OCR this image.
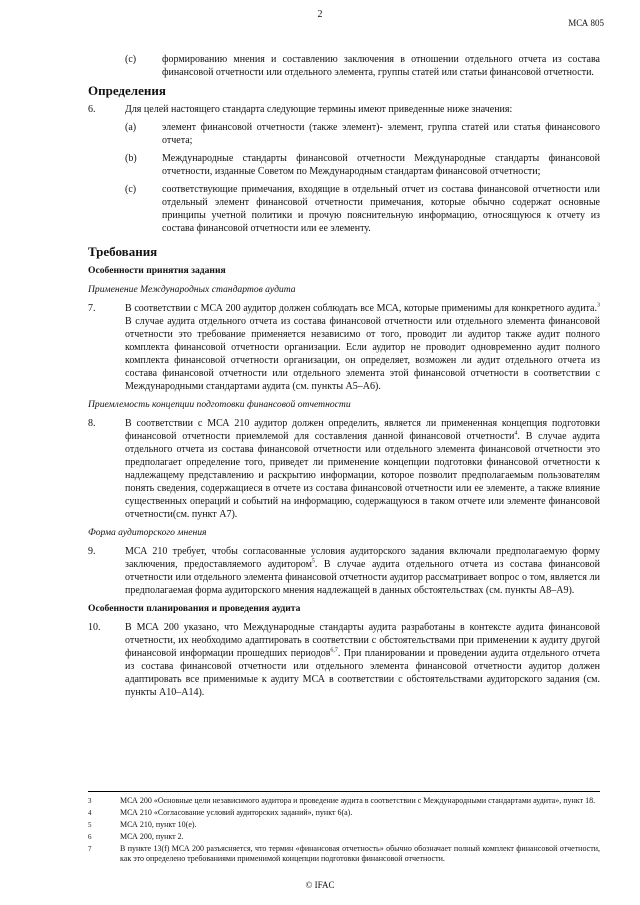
2
МСА 805
(c)	формированию мнения и составлению заключения в отношении отдельного отчета из состава финансовой отчетности или отдельного элемента, группы статей или статьи финансовой отчетности.
Определения
6.	Для целей настоящего стандарта следующие термины имеют приведенные ниже значения:
(a)	элемент финансовой отчетности (также элемент)- элемент, группа статей или статья финансового отчета;
(b)	Международные стандарты финансовой отчетности Международные стандарты финансовой отчетности, изданные Советом по Международным стандартам финансовой отчетности;
(c)	соответствующие примечания, входящие в отдельный отчет из состава финансовой отчетности или отдельный элемент финансовой отчетности примечания, которые обычно содержат основные принципы учетной политики и прочую пояснительную информацию, относящуюся к отчету из состава финансовой отчетности или ее элементу.
Требования
Особенности принятия задания
Применение Международных стандартов аудита
7.	В соответствии с МСА 200 аудитор должен соблюдать все МСА, которые применимы для конкретного аудита.$^3$ В случае аудита отдельного отчета из состава финансовой отчетности или отдельного элемента финансовой отчетности это требование применяется независимо от того, проводит ли аудитор также аудит полного комплекта финансовой отчетности организации. Если аудитор не проводит одновременно аудит полного комплекта финансовой отчетности организации, он определяет, возможен ли аудит отдельного отчета из состава финансовой отчетности или отдельного элемента этой финансовой отчетности в соответствии с Международными стандартами аудита (см. пункты А5–А6).
Приемлемость концепции подготовки финансовой отчетности
8.	В соответствии с МСА 210 аудитор должен определить, является ли примененная концепция подготовки финансовой отчетности приемлемой для составления данной финансовой отчетности$^4$. В случае аудита отдельного отчета из состава финансовой отчетности или отдельного элемента финансовой отчетности это предполагает определение того, приведет ли применение концепции подготовки финансовой отчетности к надлежащему представлению и раскрытию информации, которое позволит предполагаемым пользователям понять сведения, содержащиеся в отчете из состава финансовой отчетности или ее элементе, а также влияние существенных операций и событий на информацию, содержащуюся в таком отчете или элементе финансовой отчетности(см. пункт А7).
Форма аудиторского мнения
9.	МСА 210 требует, чтобы согласованные условия аудиторского задания включали предполагаемую форму заключения, предоставляемого аудитором$^5$. В случае аудита отдельного отчета из состава финансовой отчетности или отдельного элемента финансовой отчетности аудитор рассматривает вопрос о том, является ли предполагаемая форма аудиторского мнения надлежащей в данных обстоятельствах (см. пункты А8–А9).
Особенности планирования и проведения аудита
10.	В МСА 200 указано, что Международные стандарты аудита разработаны в контексте аудита финансовой отчетности, их необходимо адаптировать в соответствии с обстоятельствами при применении к аудиту другой финансовой информации прошедших периодов$^{6,7}$. При планировании и проведении аудита отдельного отчета из состава финансовой отчетности или отдельного элемента финансовой отчетности аудитор должен адаптировать все применимые к аудиту МСА в соответствии с обстоятельствами аудиторского задания (см. пункты А10–А14).
3	МСА 200 «Основные цели независимого аудитора и проведение аудита в соответствии с Международными стандартами аудита», пункт 18.
4	МСА 210 «Согласование условий аудиторских заданий», пункт 6(а).
5	МСА 210, пункт 10(е).
6	МСА 200, пункт 2.
7	В пункте 13(f) МСА 200 разъясняется, что термин «финансовая отчетность» обычно обозначает полный комплект финансовой отчетности, как это определено требованиями применимой концепции подготовки финансовой отчетности.
© IFAC
